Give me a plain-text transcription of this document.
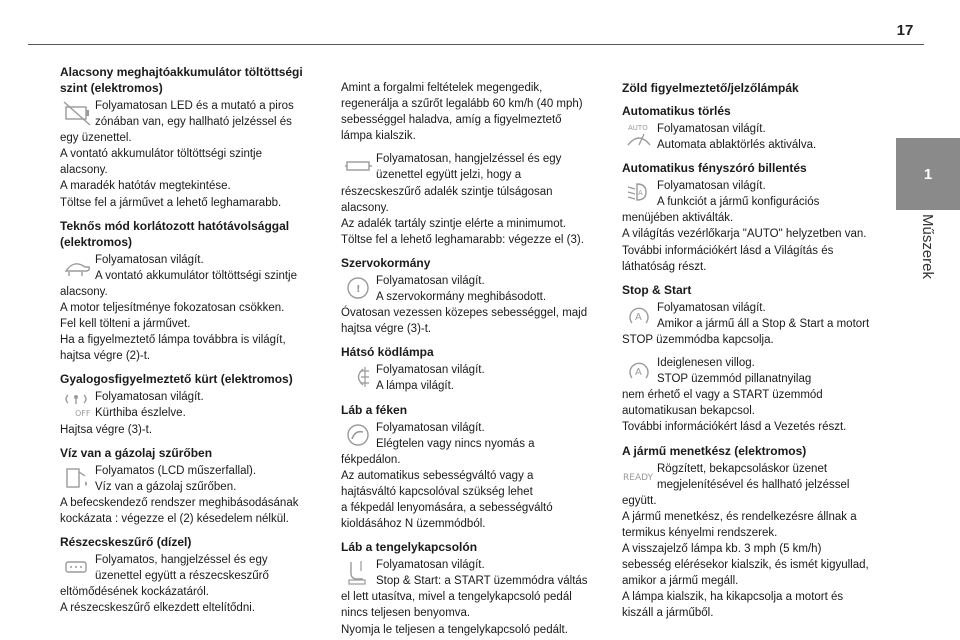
17
1
Műszerek
Alacsony meghajtóakkumulátor töltöttségi szint (elektromos)
Folyamatosan LED és a mutató a piros
zónában van, egy hallható jelzéssel és
egy üzenettel.
A vontató akkumulátor töltöttségi szintje
alacsony.
A maradék hatótáv megtekintése.
Töltse fel a járművet a lehető leghamarabb.
Teknős mód korlátozott hatótávolsággal (elektromos)
Folyamatosan világít.
A vontató akkumulátor töltöttségi szintje
alacsony.
A motor teljesítménye fokozatosan csökken.
Fel kell tölteni a járművet.
Ha a figyelmeztető lámpa továbbra is világít,
hajtsa végre (2)-t.
Gyalogosfigyelmeztető kürt (elektromos)
OFF
Folyamatosan világít.
Kürthiba észlelve.
Hajtsa végre (3)-t.
Víz van a gázolaj szűrőben
Folyamatos (LCD műszerfallal).
Víz van a gázolaj szűrőben.
A befecskendező rendszer meghibásodásának
kockázata : végezze el (2) késedelem nélkül.
Részecskeszűrő (dízel)
Folyamatos, hangjelzéssel és egy
üzenettel együtt a részecskeszűrő
eltömődésének kockázatáról.
A részecskeszűrő elkezdett eltelítődni.
Amint a forgalmi feltételek megengedik,
regenerálja a szűrőt legalább 60 km/h (40 mph)
sebességgel haladva, amíg a figyelmeztető
lámpa kialszik.
Folyamatosan, hangjelzéssel és egy
üzenettel együtt jelzi, hogy a
részecskeszűrő adalék szintje túlságosan
alacsony.
Az adalék tartály szintje elérte a minimumot.
Töltse fel a lehető leghamarabb: végezze el (3).
Szervokormány
!
Folyamatosan világít.
A szervokormány meghibásodott.
Óvatosan vezessen közepes sebességgel, majd
hajtsa végre (3)-t.
Hátsó ködlámpa
Folyamatosan világít.
A lámpa világít.
Láb a féken
Folyamatosan világít.
Elégtelen vagy nincs nyomás a
fékpedálon.
Az automatikus sebességváltó vagy a
hajtásváltó kapcsolóval szükség lehet
a fékpedál lenyomására, a sebességváltó
kioldásához N üzemmódból.
Láb a tengelykapcsolón
Folyamatosan világít.
Stop & Start: a START üzemmódra váltás
el lett utasítva, mivel a tengelykapcsoló pedál
nincs teljesen benyomva.
Nyomja le teljesen a tengelykapcsoló pedált.
Zöld figyelmeztető/jelzőlámpák
Automatikus törlés
AUTO Folyamatosan világít.
Automata ablaktörlés aktiválva.
Automatikus fényszóró billentés
A
Folyamatosan világít.
A funkciót a jármű konfigurációs
menüjében aktiválták.
A világítás vezérlőkarja "AUTO" helyzetben van.
További információkért lásd a Világítás és
láthatóság részt.
Stop & Start
A
Folyamatosan világít.
Amikor a jármű áll a Stop & Start a motort
STOP üzemmódba kapcsolja.
A
Ideiglenesen villog.
STOP üzemmód pillanatnyilag
nem érhető el vagy a START üzemmód
automatikusan bekapcsol.
További információkért lásd a Vezetés részt.
A jármű menetkész (elektromos)
READY
Rögzített, bekapcsoláskor üzenet
megjelenítésével és hallható jelzéssel
együtt.
A jármű menetkész, és rendelkezésre állnak a
termikus kényelmi rendszerek.
A visszajelző lámpa kb. 3 mph (5 km/h)
sebesség elérésekor kialszik, és ismét kigyullad,
amikor a jármű megáll.
A lámpa kialszik, ha kikapcsolja a motort és
kiszáll a járműből.
